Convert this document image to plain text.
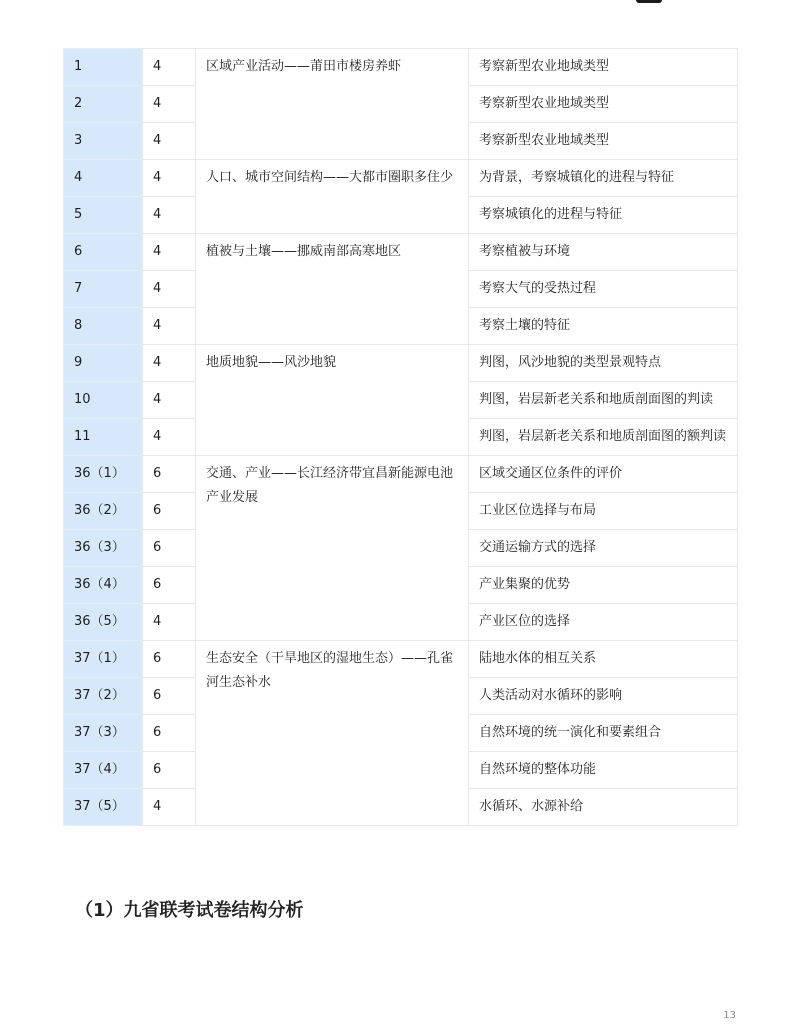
1	4	区域产业活动——莆田市楼房养虾	考察新型农业地域类型
2	4		考察新型农业地域类型
3	4		考察新型农业地域类型
4	4	人口、城市空间结构——大都市圈职多住少	为背景，考察城镇化的进程与特征
5	4		考察城镇化的进程与特征
6	4	植被与土壤——挪威南部高寒地区	考察植被与环境
7	4		考察大气的受热过程
8	4		考察土壤的特征
9	4	地质地貌——风沙地貌	判图，风沙地貌的类型景观特点
10	4		判图，岩层新老关系和地质剖面图的判读
11	4		判图，岩层新老关系和地质剖面图的额判读
36（1）	6	交通、产业——长江经济带宜昌新能源电池产业发展	区域交通区位条件的评价
36（2）	6		工业区位选择与布局
36（3）	6		交通运输方式的选择
36（4）	6		产业集聚的优势
36（5）	4		产业区位的选择
37（1）	6	生态安全（干旱地区的湿地生态）——孔雀河生态补水	陆地水体的相互关系
37（2）	6		人类活动对水循环的影响
37（3）	6		自然环境的统一演化和要素组合
37（4）	6		自然环境的整体功能
37（5）	4		水循环、水源补给
（1）九省联考试卷结构分析
13
